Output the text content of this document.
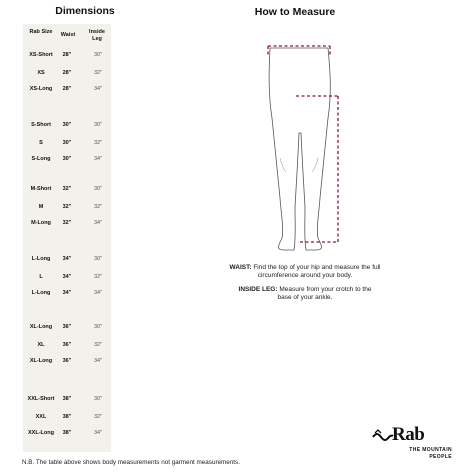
Dimensions	How to Measure
Rab Size	Waist	Inside Leg
XS-Short	28"	30"
XS	28"	32"
XS-Long	28"	34"
S-Short	30"	30"
S	30"	32"
S-Long	30"	34"
M-Short	32"	30"
M	32"	32"
M-Long	32"	34"
L-Long	34"	30"
L	34"	32"
L-Long	34"	34"
XL-Long	36"	30"
XL	36"	32"
XL-Long	36"	34"
XXL-Short	38"	30"
XXL	38"	32"
XXL-Long	38"	34"
WAIST: Find the top of your hip and measure the full
circumference around your body.
INSIDE LEG: Measure from your crotch to the
base of your ankle.
N.B. The table above shows body measurements not garment measurements.
Rab
THE MOUNTAIN
PEOPLE
